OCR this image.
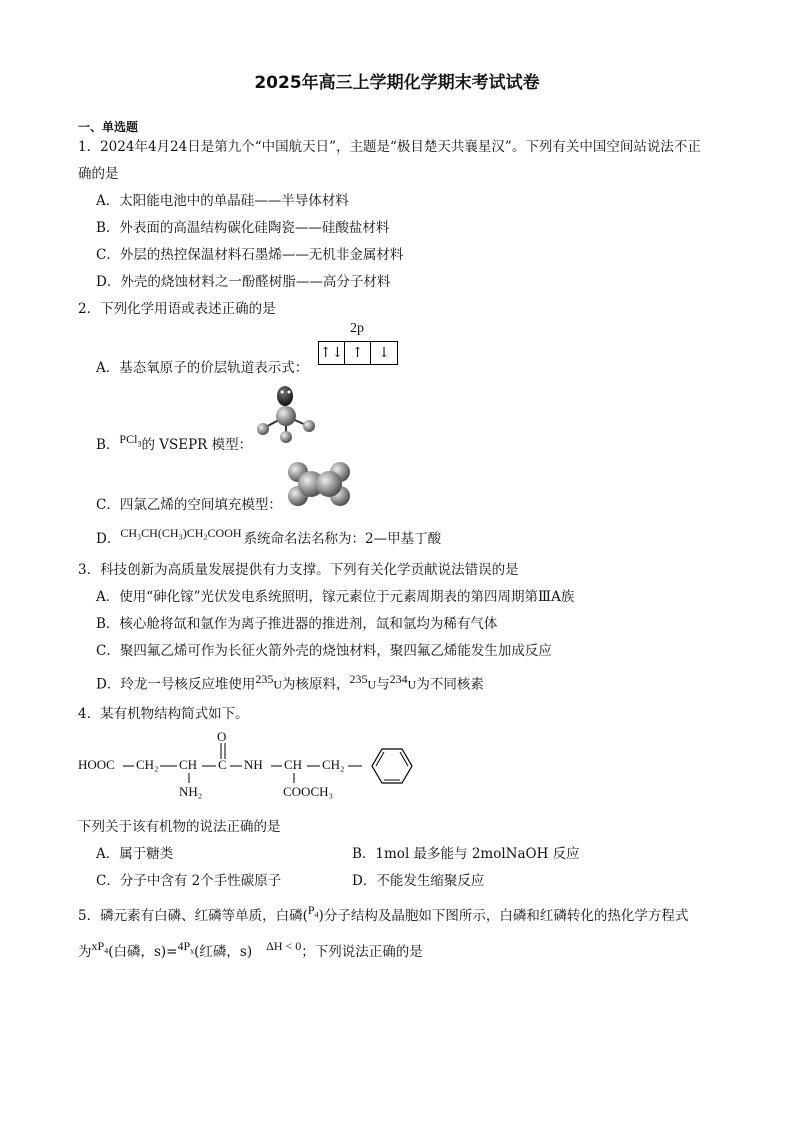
2025年高三上学期化学期末考试试卷
一、单选题
1．2024年4月24日是第九个“中国航天日”，主题是“极目楚天共襄星汉”。下列有关中国空间站说法不正
确的是
A．太阳能电池中的单晶硅——半导体材料
B．外表面的高温结构碳化硅陶瓷——硅酸盐材料
C．外层的热控保温材料石墨烯——无机非金属材料
D．外壳的烧蚀材料之一酚醛树脂——高分子材料
2．下列化学用语或表述正确的是
A．基态氧原子的价层轨道表示式：
2p
↑↓ ↑	↓
B．PCl$_3$的 VSEPR 模型：
C．四氯乙烯的空间填充模型：
D．CH₃CH(CH₃)CH₂COOH 系统命名法名称为：2—甲基丁酸
3．科技创新为高质量发展提供有力支撑。下列有关化学贡献说法错误的是
A．使用“砷化镓”光伏发电系统照明，镓元素位于元素周期表的第四周期第ⅢA族
B．核心舱将氙和氩作为离子推进器的推进剂，氙和氩均为稀有气体
C．聚四氟乙烯可作为长征火箭外壳的烧蚀材料，聚四氟乙烯能发生加成反应
D．玲龙一号核反应堆使用$^{235}$U为核原料，$^{235}$U与$^{234}$U为不同核素
4．某有机物结构简式如下。
HOOC CH₂ CH
O
C NH CH CH₂
NH₂	COOCH₃
下列关于该有机物的说法正确的是
A．属于糖类	B．1mol 最多能与 2molNaOH 反应
C．分子中含有 2个手性碳原子	D．不能发生缩聚反应
5．磷元素有白磷、红磷等单质，白磷$(P_4)$分子结构及晶胞如下图所示，白磷和红磷转化的热化学方程式
为$xP_4$(白磷，$s)=4P_x$(红磷，s) ΔH < 0；下列说法正确的是
